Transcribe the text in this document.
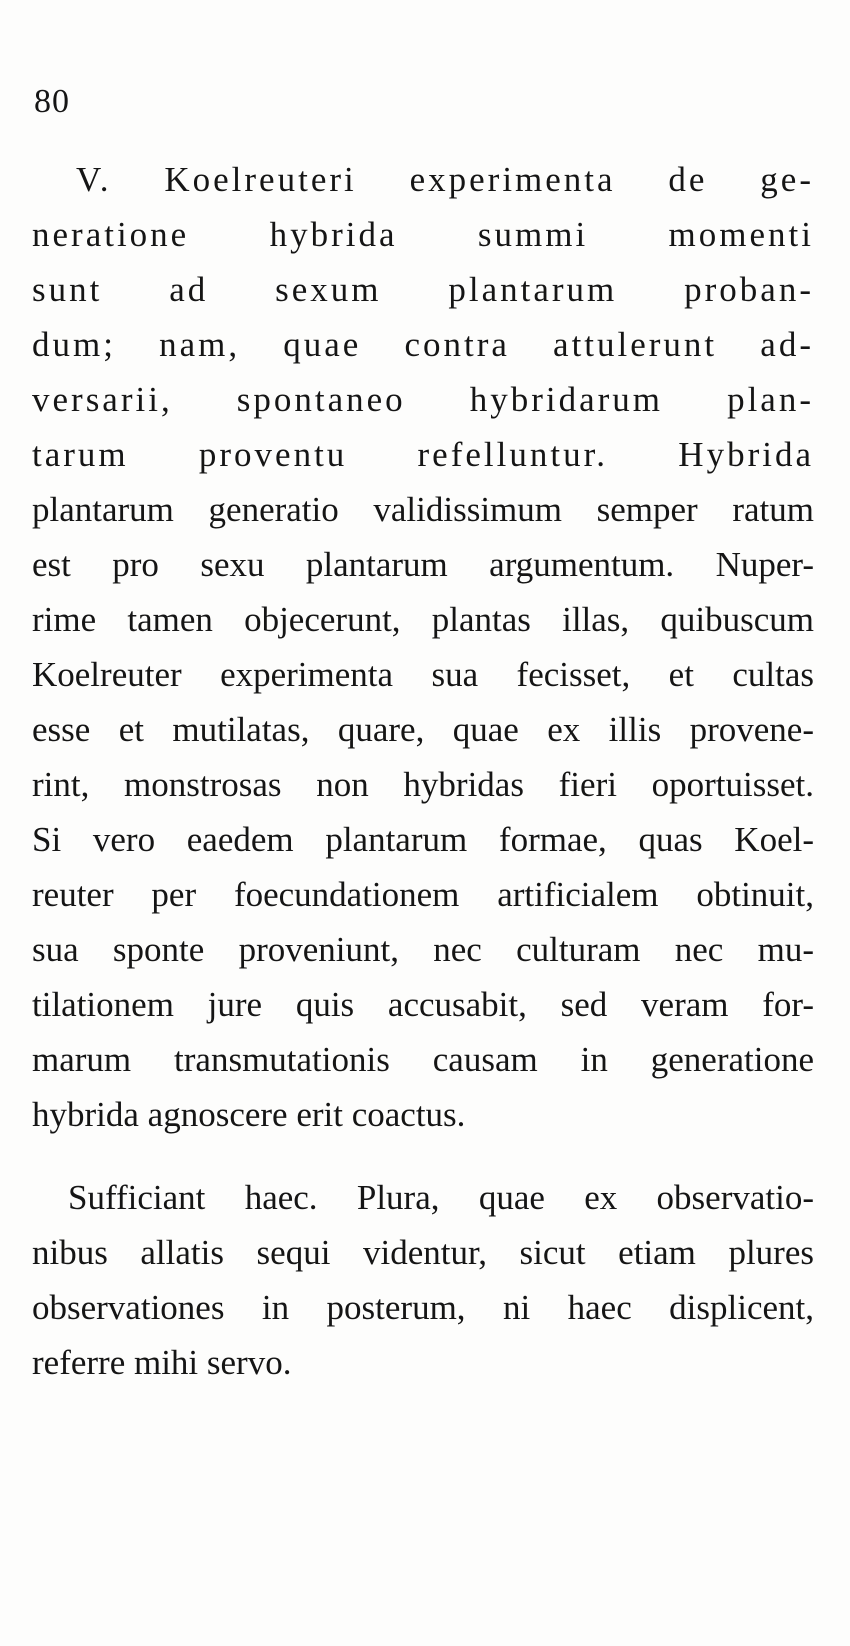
80
V. Koelreuteri experimenta de ge-
neratione hybrida summi momenti
sunt ad sexum plantarum proban-
dum; nam, quae contra attulerunt ad-
versarii, spontaneo hybridarum plan-
tarum proventu refelluntur. Hybrida
plantarum generatio validissimum semper ratum
est pro sexu plantarum argumentum. Nuper-
rime tamen objecerunt, plantas illas, quibuscum
Koelreuter experimenta sua fecisset, et cultas
esse et mutilatas, quare, quae ex illis provene-
rint, monstrosas non hybridas fieri oportuisset.
Si vero eaedem plantarum formae, quas Koel-
reuter per foecundationem artificialem obtinuit,
sua sponte proveniunt, nec culturam nec mu-
tilationem jure quis accusabit, sed veram for-
marum transmutationis causam in generatione
hybrida agnoscere erit coactus.
Sufficiant haec. Plura, quae ex observatio-
nibus allatis sequi videntur, sicut etiam plures
observationes in posterum, ni haec displicent,
referre mihi servo.
